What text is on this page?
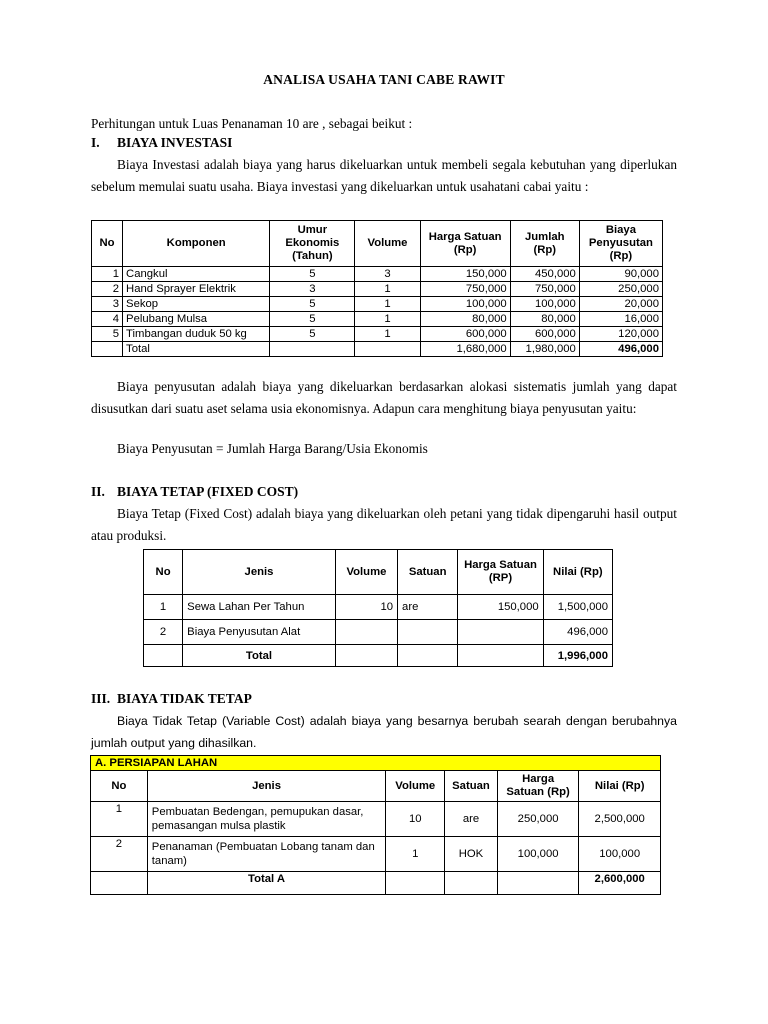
ANALISA USAHA TANI CABE RAWIT
Perhitungan untuk Luas Penanaman 10 are , sebagai beikut :
I. BIAYA INVESTASI
Biaya Investasi adalah biaya yang harus dikeluarkan untuk membeli segala kebutuhan yang diperlukan sebelum memulai suatu usaha. Biaya investasi yang dikeluarkan untuk usahatani cabai yaitu :
No	Komponen	Umur Ekonomis (Tahun)	Volume	Harga Satuan (Rp)	Jumlah (Rp)	Biaya Penyusutan (Rp)
1	Cangkul	5	3	150,000	450,000	90,000
2	Hand Sprayer Elektrik	3	1	750,000	750,000	250,000
3	Sekop	5	1	100,000	100,000	20,000
4	Pelubang Mulsa	5	1	80,000	80,000	16,000
5	Timbangan duduk 50 kg	5	1	600,000	600,000	120,000
	Total			1,680,000	1,980,000	496,000
Biaya penyusutan adalah biaya yang dikeluarkan berdasarkan alokasi sistematis jumlah yang dapat disusutkan dari suatu aset selama usia ekonomisnya. Adapun cara menghitung biaya penyusutan yaitu:
Biaya Penyusutan = Jumlah Harga Barang/Usia Ekonomis
II. BIAYA TETAP (FIXED COST)
Biaya Tetap (Fixed Cost) adalah biaya yang dikeluarkan oleh petani yang tidak dipengaruhi hasil output atau produksi.
No	Jenis	Volume	Satuan	Harga Satuan (RP)	Nilai (Rp)
1	Sewa Lahan Per Tahun	10	are	150,000	1,500,000
2	Biaya Penyusutan Alat				496,000
	Total				1,996,000
III. BIAYA TIDAK TETAP
Biaya Tidak Tetap (Variable Cost) adalah biaya yang besarnya berubah searah dengan berubahnya jumlah output yang dihasilkan.
A. PERSIAPAN LAHAN					
No	Jenis	Volume	Satuan	Harga Satuan (Rp)	Nilai (Rp)
1	Pembuatan Bedengan, pemupukan dasar, pemasangan mulsa plastik	10	are	250,000	2,500,000
2	Penanaman (Pembuatan Lobang tanam dan tanam)	1	HOK	100,000	100,000
	Total A				2,600,000
